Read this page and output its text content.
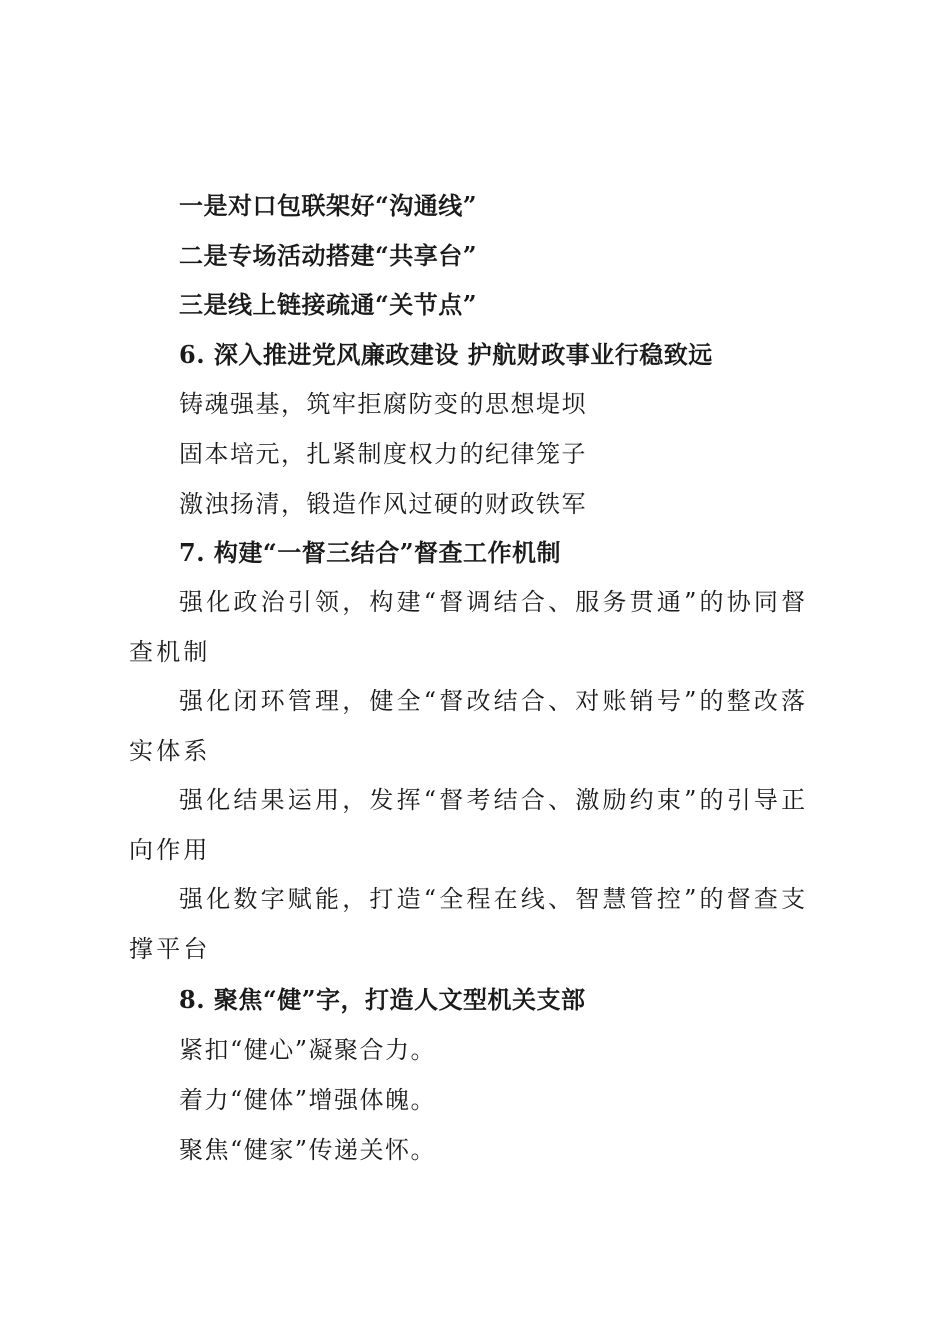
一是对口包联架好“沟通线”
二是专场活动搭建“共享台”
三是线上链接疏通“关节点”
6. 深入推进党风廉政建设 护航财政事业行稳致远
铸魂强基，筑牢拒腐防变的思想堤坝
固本培元，扎紧制度权力的纪律笼子
激浊扬清，锻造作风过硬的财政铁军
7. 构建“一督三结合”督查工作机制
强化政治引领，构建“督调结合、服务贯通”的协同督查机制
强化闭环管理，健全“督改结合、对账销号”的整改落实体系
强化结果运用，发挥“督考结合、激励约束”的引导正向作用
强化数字赋能，打造“全程在线、智慧管控”的督查支撑平台
8. 聚焦“健”字，打造人文型机关支部
紧扣“健心”凝聚合力。
着力“健体”增强体魄。
聚焦“健家”传递关怀。
